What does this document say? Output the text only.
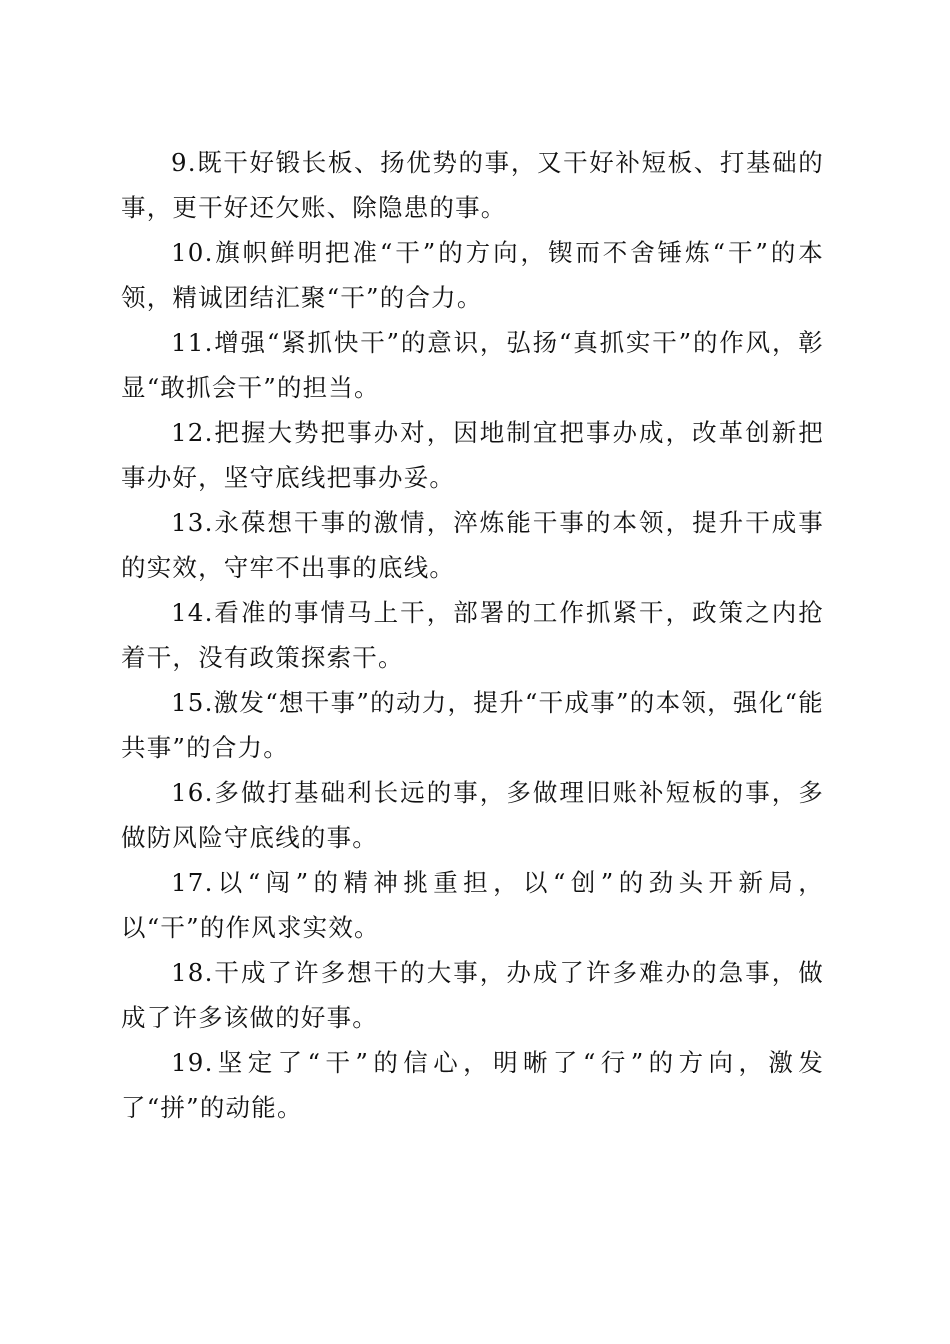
9.既干好锻长板、扬优势的事，又干好补短板、打基础的事，更干好还欠账、除隐患的事。

10.旗帜鲜明把准“干”的方向，锲而不舍锤炼“干”的本领，精诚团结汇聚“干”的合力。

11.增强“紧抓快干”的意识，弘扬“真抓实干”的作风，彰显“敢抓会干”的担当。

12.把握大势把事办对，因地制宜把事办成，改革创新把事办好，坚守底线把事办妥。

13.永葆想干事的激情，淬炼能干事的本领，提升干成事的实效，守牢不出事的底线。

14.看准的事情马上干，部署的工作抓紧干，政策之内抢着干，没有政策探索干。

15.激发“想干事”的动力，提升“干成事”的本领，强化“能共事”的合力。

16.多做打基础利长远的事，多做理旧账补短板的事，多做防风险守底线的事。

17.以“闯”的精神挑重担，以“创”的劲头开新局，以“干”的作风求实效。

18.干成了许多想干的大事，办成了许多难办的急事，做成了许多该做的好事。

19.坚定了“干”的信心，明晰了“行”的方向，激发了“拼”的动能。
